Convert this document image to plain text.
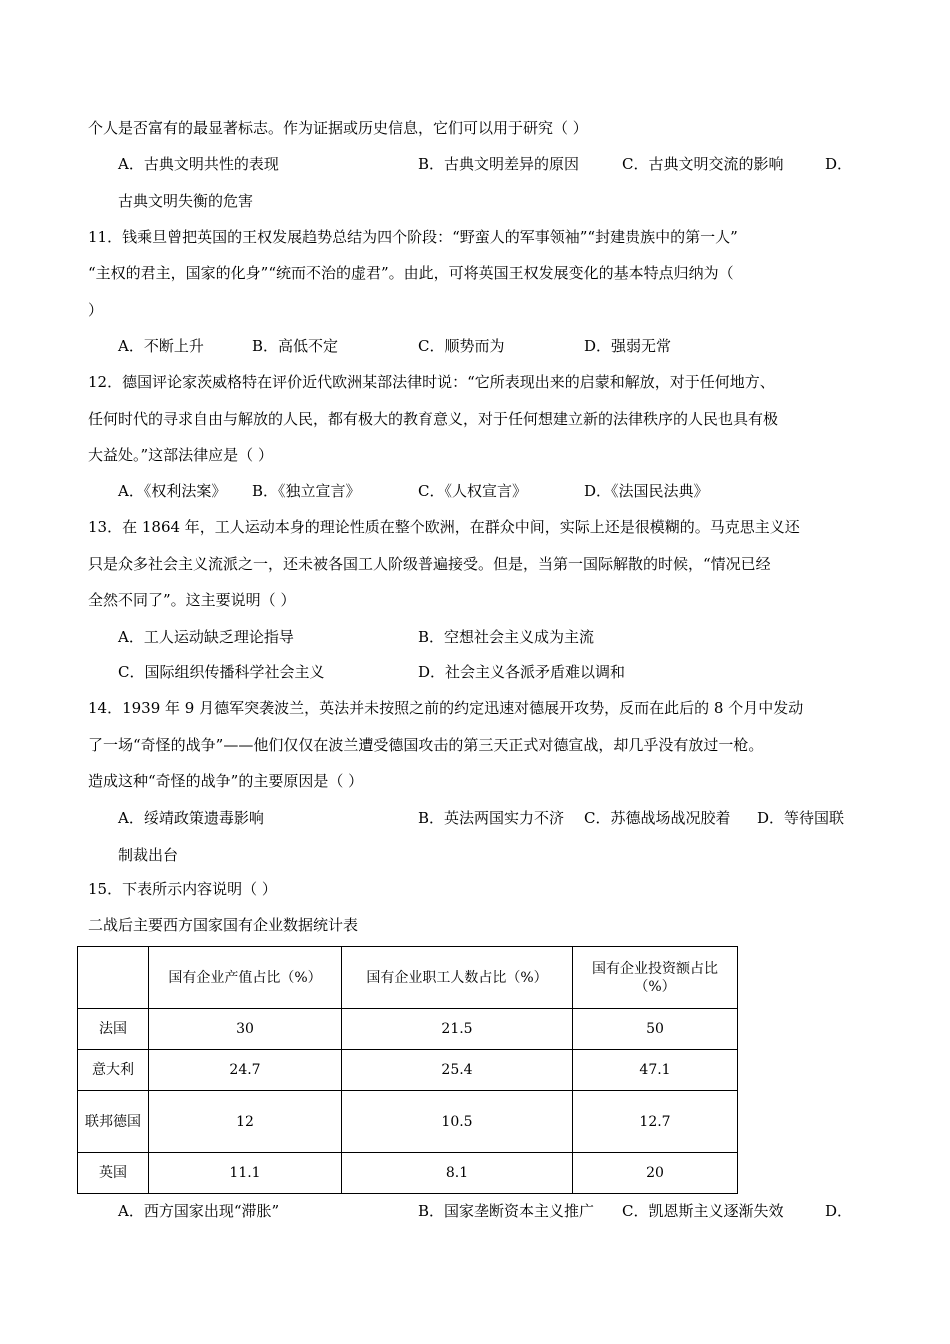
个人是否富有的最显著标志。作为证据或历史信息，它们可以用于研究（ ）
A．古典文明共性的表现	B．古典文明差异的原因	C．古典文明交流的影响	D．
古典文明失衡的危害
11．钱乘旦曾把英国的王权发展趋势总结为四个阶段：“野蛮人的军事领袖”“封建贵族中的第一人”
“主权的君主，国家的化身”“统而不治的虚君”。由此，可将英国王权发展变化的基本特点归纳为（
）
A．不断上升	B．高低不定	C．顺势而为	D．强弱无常
12．德国评论家茨威格特在评价近代欧洲某部法律时说：“它所表现出来的启蒙和解放，对于任何地方、
任何时代的寻求自由与解放的人民，都有极大的教育意义，对于任何想建立新的法律秩序的人民也具有极
大益处。”这部法律应是（ ）
A．《权利法案》 B．《独立宣言》	C．《人权宣言》	D．《法国民法典》
13．在 1864 年，工人运动本身的理论性质在整个欧洲，在群众中间，实际上还是很模糊的。马克思主义还
只是众多社会主义流派之一，还未被各国工人阶级普遍接受。但是，当第一国际解散的时候，“情况已经
全然不同了”。这主要说明（ ）
A．工人运动缺乏理论指导	B．空想社会主义成为主流
C．国际组织传播科学社会主义	D．社会主义各派矛盾难以调和
14．1939 年 9 月德军突袭波兰，英法并未按照之前的约定迅速对德展开攻势，反而在此后的 8 个月中发动
了一场“奇怪的战争”——他们仅仅在波兰遭受德国攻击的第三天正式对德宣战，却几乎没有放过一枪。
造成这种“奇怪的战争”的主要原因是（ ）
A．绥靖政策遗毒影响	B．英法两国实力不济 C．苏德战场战况胶着 D．等待国联
制裁出台
15．下表所示内容说明（ ）
二战后主要西方国家国有企业数据统计表
	国有企业产值占比（%）	国有企业职工人数占比（%）	国有企业投资额占比（%）
法国	30	21.5	50
意大利	24.7	25.4	47.1
联邦德国	12	10.5	12.7
英国	11.1	8.1	20
A．西方国家出现“滞胀”	B．国家垄断资本主义推广 C．凯恩斯主义逐渐失效	D．
